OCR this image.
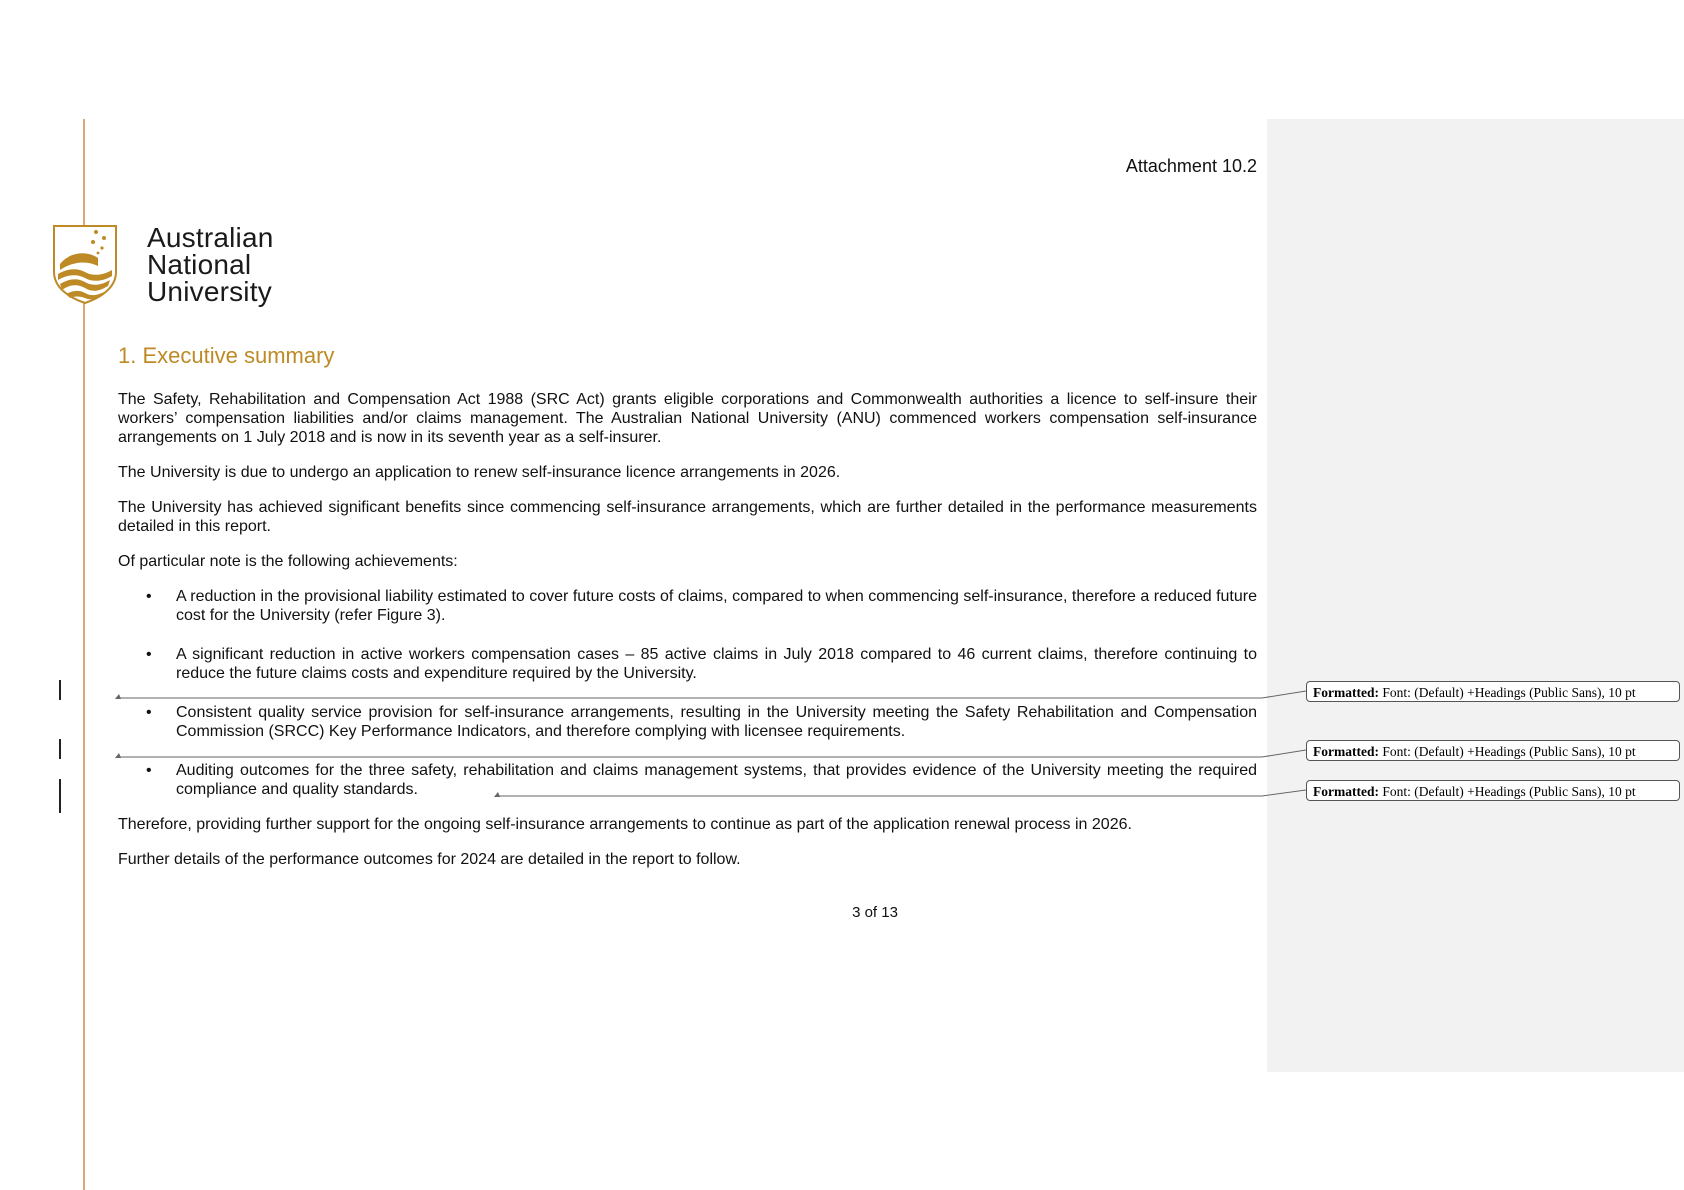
Attachment 10.2
Australian
National
University
1. Executive summary

The Safety, Rehabilitation and Compensation Act 1988 (SRC Act) grants eligible corporations and Commonwealth authorities a licence to self-insure their workers’ compensation liabilities and/or claims management. The Australian National University (ANU) commenced workers compensation self-insurance arrangements on 1 July 2018 and is now in its seventh year as a self-insurer.

The University is due to undergo an application to renew self-insurance licence arrangements in 2026.

The University has achieved significant benefits since commencing self-insurance arrangements, which are further detailed in the performance measurements detailed in this report.

Of particular note is the following achievements:

• A reduction in the provisional liability estimated to cover future costs of claims, compared to when commencing self-insurance, therefore a reduced future cost for the University (refer Figure 3).
• A significant reduction in active workers compensation cases – 85 active claims in July 2018 compared to 46 current claims, therefore continuing to reduce the future claims costs and expenditure required by the University.
• Consistent quality service provision for self-insurance arrangements, resulting in the University meeting the Safety Rehabilitation and Compensation Commission (SRCC) Key Performance Indicators, and therefore complying with licensee requirements.
• Auditing outcomes for the three safety, rehabilitation and claims management systems, that provides evidence of the University meeting the required compliance and quality standards.

Therefore, providing further support for the ongoing self-insurance arrangements to continue as part of the application renewal process in 2026.

Further details of the performance outcomes for 2024 are detailed in the report to follow.

3 of 13
Formatted: Font: (Default) +Headings (Public Sans), 10 pt
Formatted: Font: (Default) +Headings (Public Sans), 10 pt
Formatted: Font: (Default) +Headings (Public Sans), 10 pt
